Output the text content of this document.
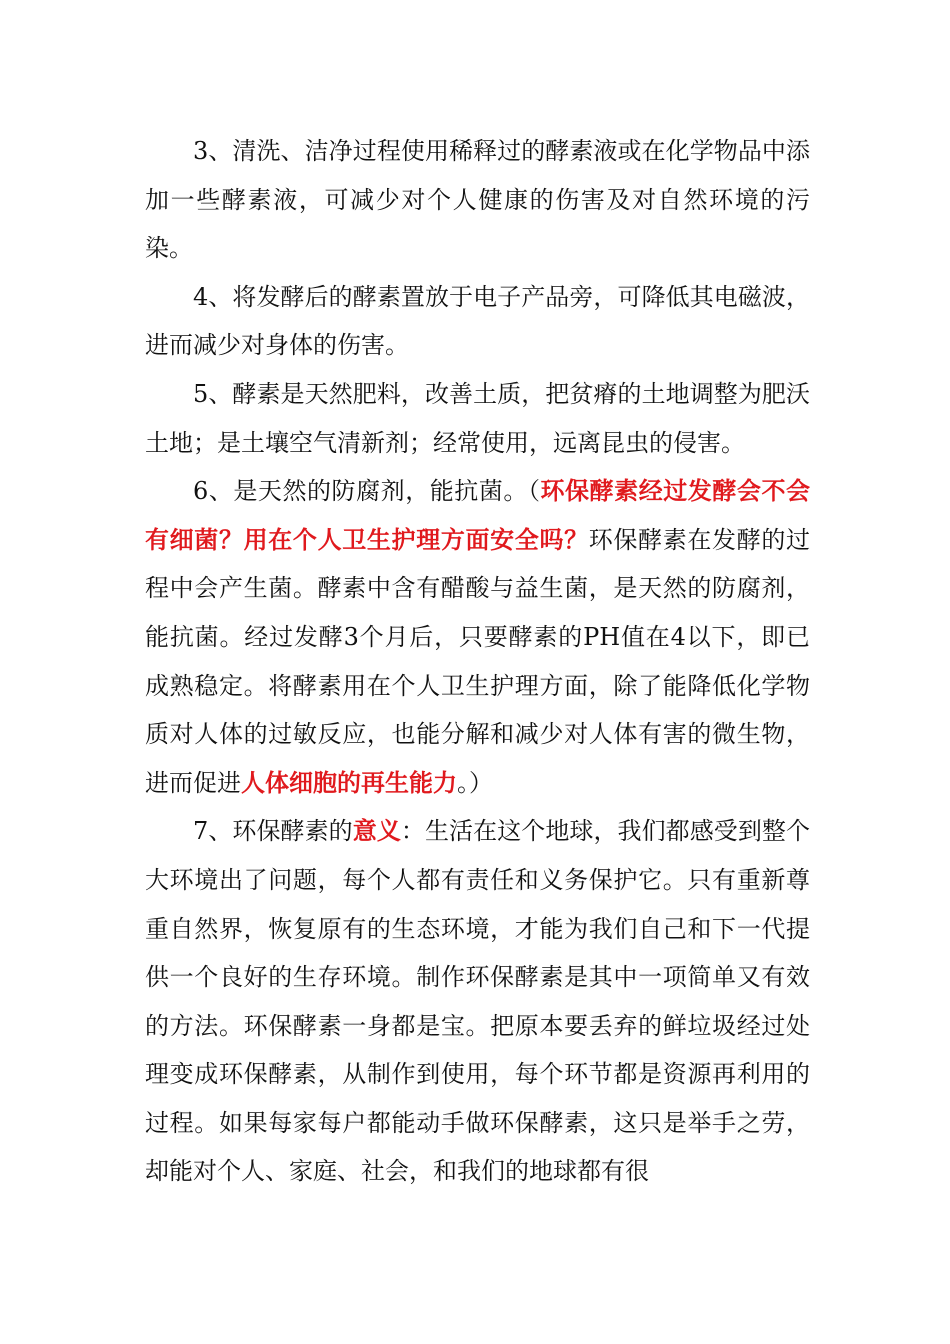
3、清洗、洁净过程使用稀释过的酵素液或在化学物品中添加一些酵素液，可减少对个人健康的伤害及对自然环境的污染。

4、将发酵后的酵素置放于电子产品旁，可降低其电磁波，进而减少对身体的伤害。

5、酵素是天然肥料，改善土质，把贫瘠的土地调整为肥沃土地；是土壤空气清新剂；经常使用，远离昆虫的侵害。

6、是天然的防腐剂，能抗菌。（环保酵素经过发酵会不会有细菌？用在个人卫生护理方面安全吗？环保酵素在发酵的过程中会产生菌。酵素中含有醋酸与益生菌，是天然的防腐剂，能抗菌。经过发酵3个月后，只要酵素的PH值在4以下，即已成熟稳定。将酵素用在个人卫生护理方面，除了能降低化学物质对人体的过敏反应，也能分解和减少对人体有害的微生物，进而促进人体细胞的再生能力。）

7、环保酵素的意义：生活在这个地球，我们都感受到整个大环境出了问题，每个人都有责任和义务保护它。只有重新尊重自然界，恢复原有的生态环境，才能为我们自己和下一代提供一个良好的生存环境。制作环保酵素是其中一项简单又有效的方法。环保酵素一身都是宝。把原本要丢弃的鲜垃圾经过处理变成环保酵素，从制作到使用，每个环节都是资源再利用的过程。如果每家每户都能动手做环保酵素，这只是举手之劳，却能对个人、家庭、社会，和我们的地球都有很
